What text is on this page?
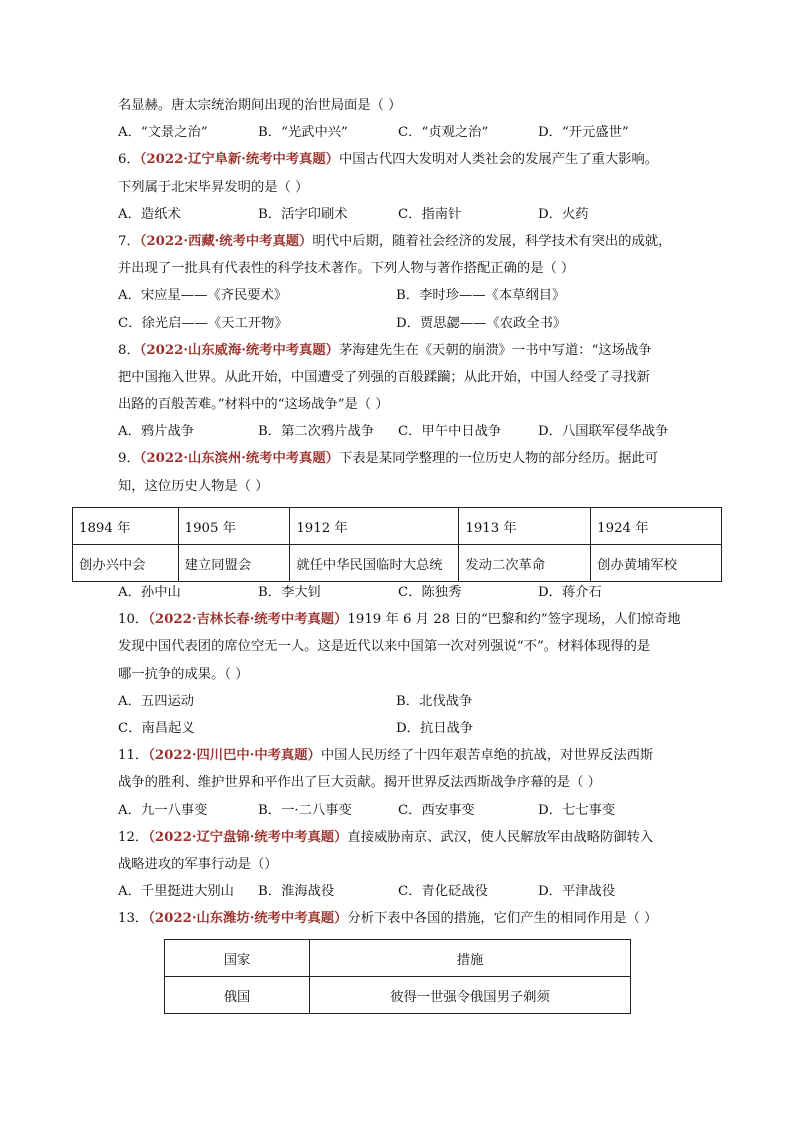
名显赫。唐太宗统治期间出现的治世局面是（ ）
A．“文景之治”	B．“光武中兴”	C．“贞观之治”	D．“开元盛世”
6．（2022·辽宁阜新·统考中考真题）中国古代四大发明对人类社会的发展产生了重大影响。
下列属于北宋毕昇发明的是（ ）
A．造纸术	B．活字印刷术	C．指南针	D．火药
7．（2022·西藏·统考中考真题）明代中后期，随着社会经济的发展，科学技术有突出的成就，
并出现了一批具有代表性的科学技术著作。下列人物与著作搭配正确的是（ ）
A．宋应星——《齐民要术》	B．李时珍——《本草纲目》
C．徐光启——《天工开物》	D．贾思勰——《农政全书》
8．（2022·山东威海·统考中考真题）茅海建先生在《天朝的崩溃》一书中写道：“这场战争
把中国拖入世界。从此开始，中国遭受了列强的百般蹂躏；从此开始，中国人经受了寻找新
出路的百般苦难。”材料中的“这场战争”是（ ）
A．鸦片战争	B．第二次鸦片战争	C．甲午中日战争	D．八国联军侵华战争
9．（2022·山东滨州·统考中考真题）下表是某同学整理的一位历史人物的部分经历。据此可
知，这位历史人物是（ ）
1894 年	1905 年	1912 年	1913 年	1924 年
创办兴中会	建立同盟会	就任中华民国临时大总统	发动二次革命	创办黄埔军校
A．孙中山	B．李大钊	C．陈独秀	D．蒋介石
10．（2022·吉林长春·统考中考真题）1919 年 6 月 28 日的“巴黎和约”签字现场，人们惊奇地
发现中国代表团的席位空无一人。这是近代以来中国第一次对列强说“不”。材料体现得的是
哪一抗争的成果。（ ）
A．五四运动	B．北伐战争
C．南昌起义	D．抗日战争
11．（2022·四川巴中·中考真题）中国人民历经了十四年艰苦卓绝的抗战，对世界反法西斯
战争的胜利、维护世界和平作出了巨大贡献。揭开世界反法西斯战争序幕的是（ ）
A．九一八事变	B．一·二八事变	C．西安事变	D．七七事变
12．（2022·辽宁盘锦·统考中考真题）直接威胁南京、武汉，使人民解放军由战略防御转入
战略进攻的军事行动是（）
A．千里挺进大别山	B．淮海战役	C．青化砭战役	D．平津战役
13．（2022·山东潍坊·统考中考真题）分析下表中各国的措施，它们产生的相同作用是（ ）
国家	措施
俄国	彼得一世强令俄国男子剃须
